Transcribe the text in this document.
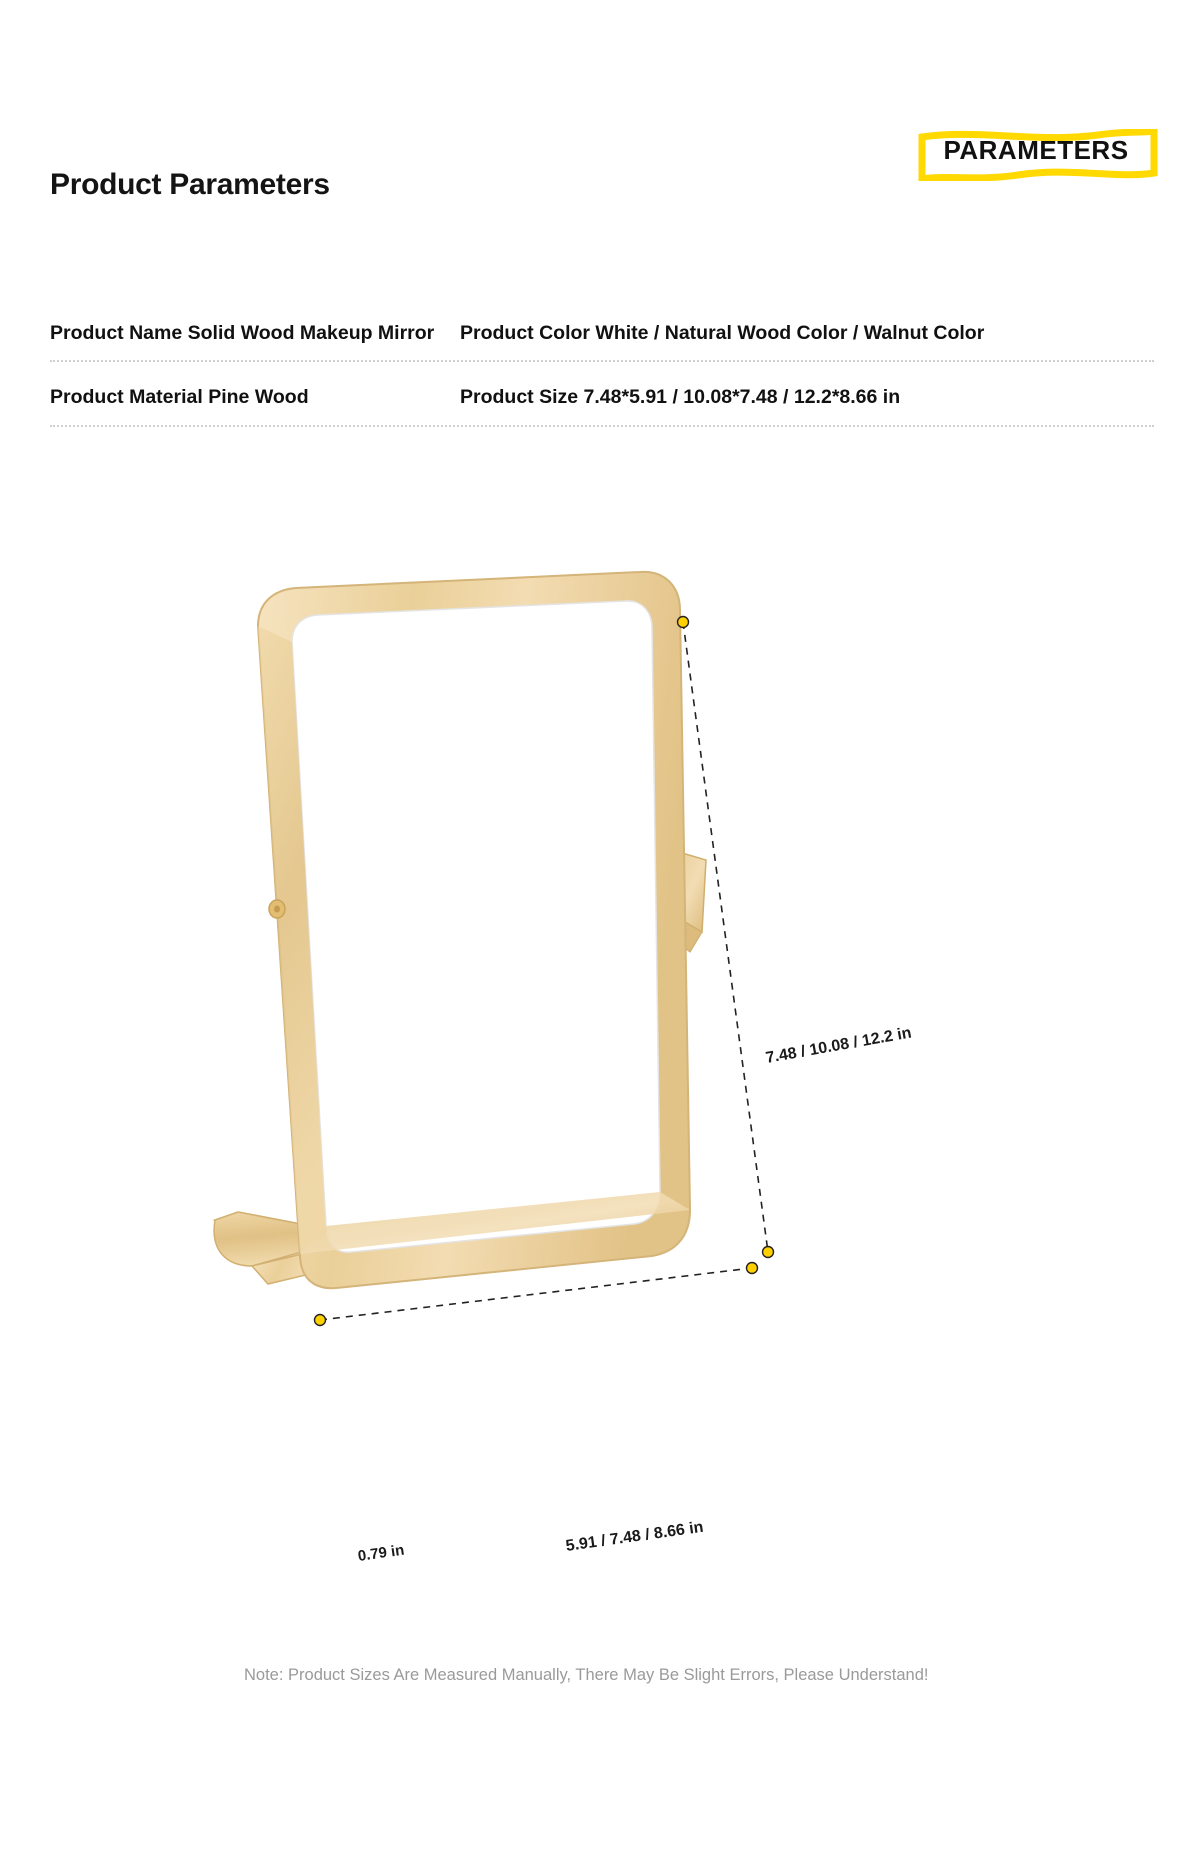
Product Parameters
PARAMETERS
Product Name Solid Wood Makeup Mirror	Product Color White / Natural Wood Color / Walnut Color
Product Material Pine Wood	Product Size 7.48*5.91 / 10.08*7.48 / 12.2*8.66 in
7.48 / 10.08 / 12.2 in
5.91 / 7.48 / 8.66 in
0.79 in
Note: Product Sizes Are Measured Manually, There May Be Slight Errors, Please Understand!
